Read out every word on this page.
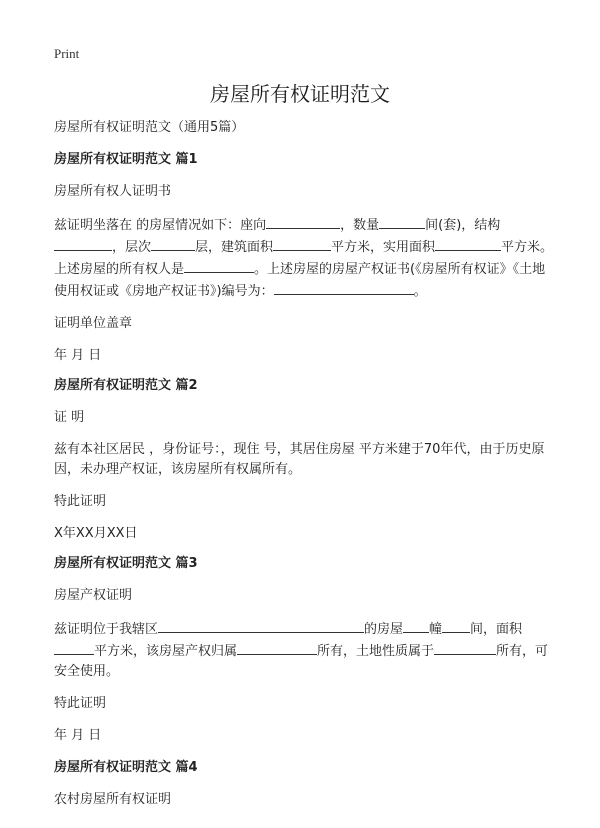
Print
房屋所有权证明范文

房屋所有权证明范文（通用5篇）

房屋所有权证明范文 篇1

房屋所有权人证明书

兹证明坐落在 的房屋情况如下：座向	，数量	间(套)，结构，层次	层，建筑面积	平方米，实用面积	平方米。上述房屋的所有权人是	。上述房屋的房屋产权证书(《房屋所有权证》《土地使用权证或《房地产权证书》)编号为：	。

证明单位盖章

年 月 日

房屋所有权证明范文 篇2

证 明

兹有本社区居民 ，身份证号：，现住 号，其居住房屋 平方米建于70年代，由于历史原因，未办理产权证，该房屋所有权属所有。

特此证明

X年XX月XX日

房屋所有权证明范文 篇3

房屋产权证明

兹证明位于我辖区	的房屋 幢 间，面积平方米，该房屋产权归属	所有，土地性质属于	所有，可安全使用。

特此证明

年 月 日

房屋所有权证明范文 篇4

农村房屋所有权证明
